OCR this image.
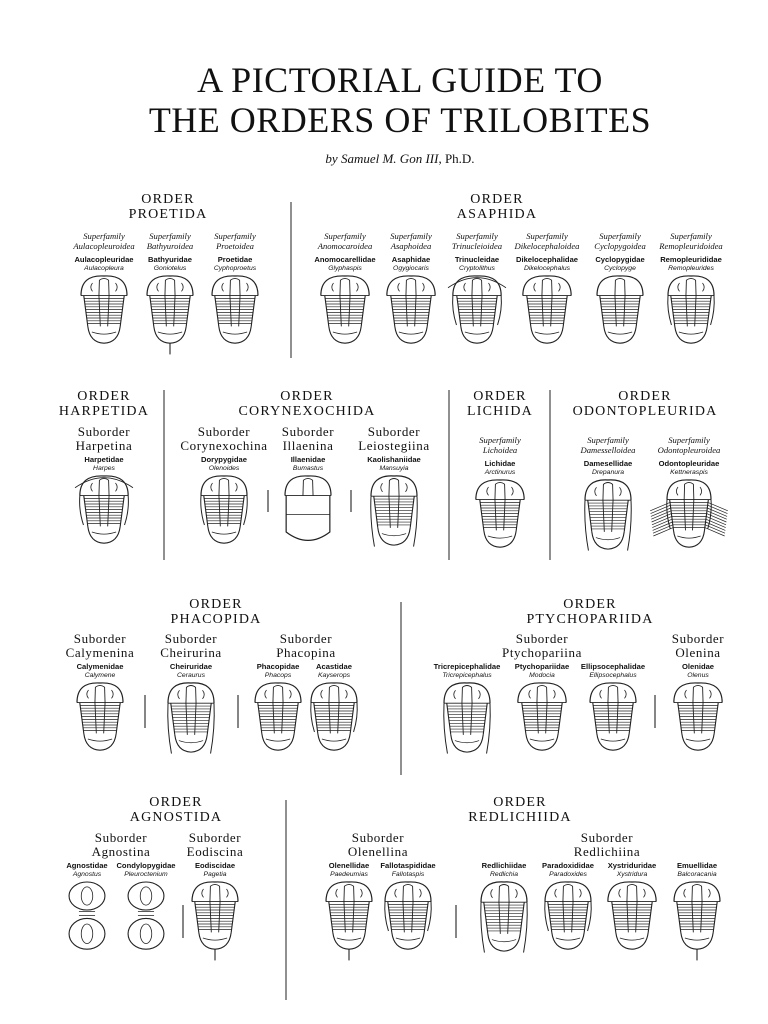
A PICTORIAL GUIDE TO
THE ORDERS OF TRILOBITES
by Samuel M. Gon III, Ph.D.
ORDER
PROETIDA
Superfamily
Aulacopleuroidea
Aulacopleuridae
Aulacopleura
Superfamily
Bathyuroidea
Bathyuridae
Goniotelus
Superfamily
Proetoidea
Proetidae
Cyphoproetus
ORDER
ASAPHIDA
Superfamily
Anomocaroidea
Anomocarellidae
Glyphaspis
Superfamily
Asaphoidea
Asaphidae
Ogygiocaris
Superfamily
Trinucleioidea
Trinucleidae
Cryptolithus
Superfamily
Dikelocephaloidea
Dikelocephalidae
Dikelocephalus
Superfamily
Cyclopygoidea
Cyclopygidae
Cyclopyge
Superfamily
Remopleuridoidea
Remopleurididae
Remopleurides
ORDER
HARPETIDA
Suborder
Harpetina
Harpetidae
Harpes
ORDER
CORYNEXOCHIDA
Suborder
Corynexochina
Dorypygidae
Olenoides
Suborder
Illaenina
Illaenidae
Bumastus
Suborder
Leiostegiina
Kaolishaniidae
Mansuyia
ORDER
LICHIDA
Superfamily
Lichoidea
Lichidae
Arctinurus
ORDER
ODONTOPLEURIDA
Superfamily
Damesselloidea
Damesellidae
Drepanura
Superfamily
Odontopleuroidea
Odontopleuridae
Kettneraspis
ORDER
PHACOPIDA
Suborder
Calymenina
Calymenidae
Calymene
Suborder
Cheirurina
Cheiruridae
Ceraurus
Suborder
Phacopina
Phacopidae
Phacops
Acastidae
Kayserops
ORDER
PTYCHOPARIIDA
Suborder
Ptychopariina
Tricrepicephalidae
Tricrepicephalus
Ptychopariidae
Modocia
Ellipsocephalidae
Ellipsocephalus
Suborder
Olenina
Olenidae
Olenus
ORDER
AGNOSTIDA
Suborder
Agnostina
Agnostidae
Agnostus
Condylopygidae
Pleuroctenium
Suborder
Eodiscina
Eodiscidae
Pagetia
ORDER
REDLICHIIDA
Suborder
Olenellina
Olenellidae
Paedeumias
Fallotaspididae
Fallotaspis
Suborder
Redlichiina
Redlichiidae
Redlichia
Paradoxididae
Paradoxides
Xystriduridae
Xystridura
Emuellidae
Balcoracania
